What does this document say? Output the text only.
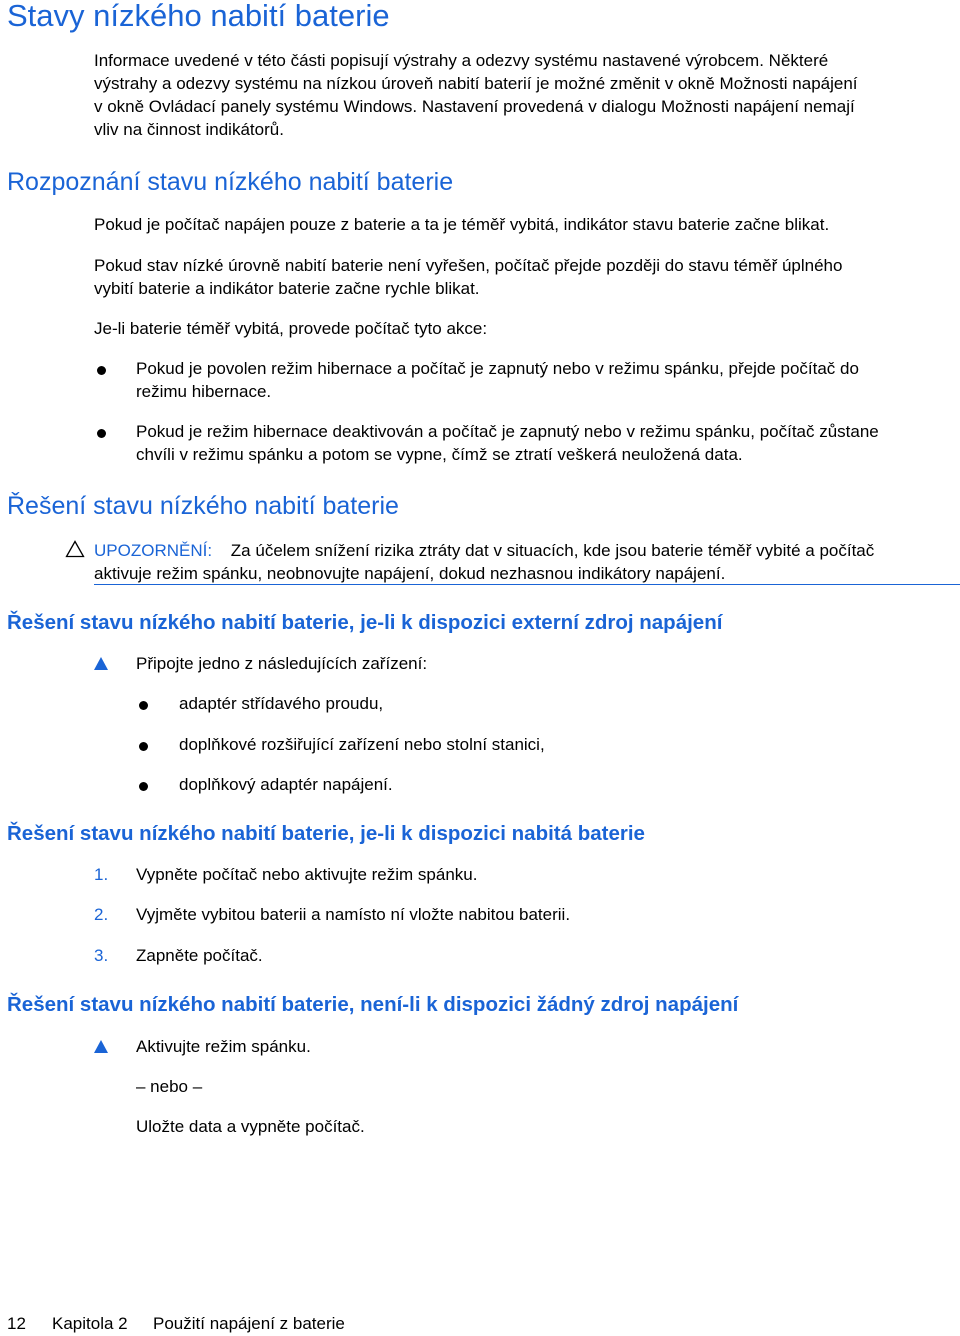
Stavy nízkého nabití baterie
Informace uvedené v této části popisují výstrahy a odezvy systému nastavené výrobcem. Některé
výstrahy a odezvy systému na nízkou úroveň nabití baterií je možné změnit v okně Možnosti napájení
v okně Ovládací panely systému Windows. Nastavení provedená v dialogu Možnosti napájení nemají
vliv na činnost indikátorů.
Rozpoznání stavu nízkého nabití baterie
Pokud je počítač napájen pouze z baterie a ta je téměř vybitá, indikátor stavu baterie začne blikat.
Pokud stav nízké úrovně nabití baterie není vyřešen, počítač přejde později do stavu téměř úplného
vybití baterie a indikátor baterie začne rychle blikat.
Je-li baterie téměř vybitá, provede počítač tyto akce:
Pokud je povolen režim hibernace a počítač je zapnutý nebo v režimu spánku, přejde počítač do
režimu hibernace.
Pokud je režim hibernace deaktivován a počítač je zapnutý nebo v režimu spánku, počítač zůstane
chvíli v režimu spánku a potom se vypne, čímž se ztratí veškerá neuložená data.
Řešení stavu nízkého nabití baterie
UPOZORNĚNÍ: Za účelem snížení rizika ztráty dat v situacích, kde jsou baterie téměř vybité a počítač
aktivuje režim spánku, neobnovujte napájení, dokud nezhasnou indikátory napájení.
Řešení stavu nízkého nabití baterie, je-li k dispozici externí zdroj napájení
Připojte jedno z následujících zařízení:
adaptér střídavého proudu,
doplňkové rozšiřující zařízení nebo stolní stanici,
doplňkový adaptér napájení.
Řešení stavu nízkého nabití baterie, je-li k dispozici nabitá baterie
1. Vypněte počítač nebo aktivujte režim spánku.
2. Vyjměte vybitou baterii a namísto ní vložte nabitou baterii.
3. Zapněte počítač.
Řešení stavu nízkého nabití baterie, není-li k dispozici žádný zdroj napájení
Aktivujte režim spánku.
– nebo –
Uložte data a vypněte počítač.
12 Kapitola 2 Použití napájení z baterie
